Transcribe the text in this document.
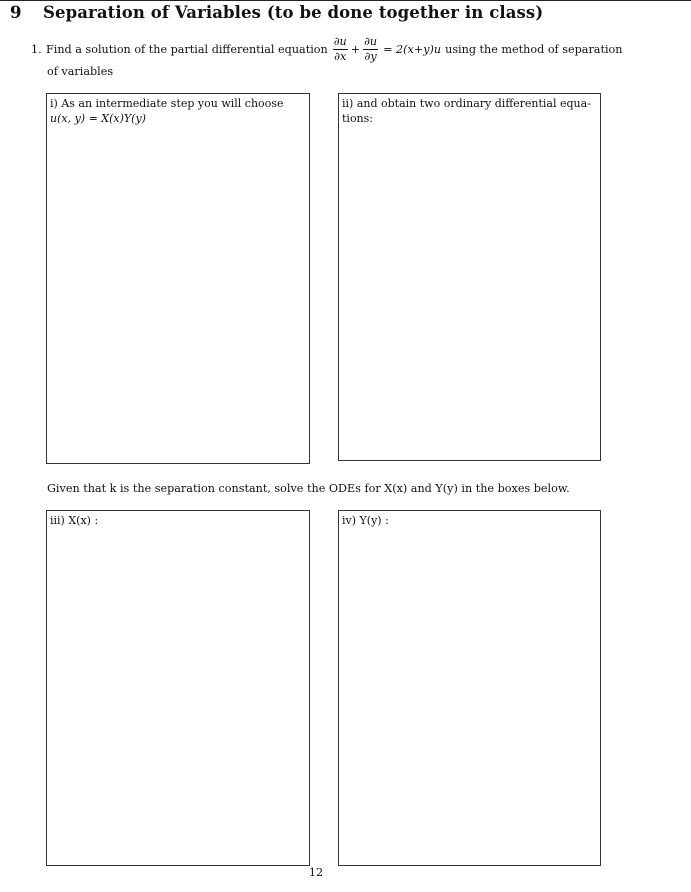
9 Separation of Variables (to be done together in class)
1. Find a solution of the partial differential equation $\frac{\partial u}{\partial x} + \frac{\partial u}{\partial y} = 2(x+y)u$ using the method of separation
of variables
i) As an intermediate step you will choose
u(x, y) = X(x)Y(y)
ii) and obtain two ordinary differential equa-
tions:
Given that k is the separation constant, solve the ODEs for X(x) and Y(y) in the boxes below.
iii) X(x) :	iv) Y(y) :
12
